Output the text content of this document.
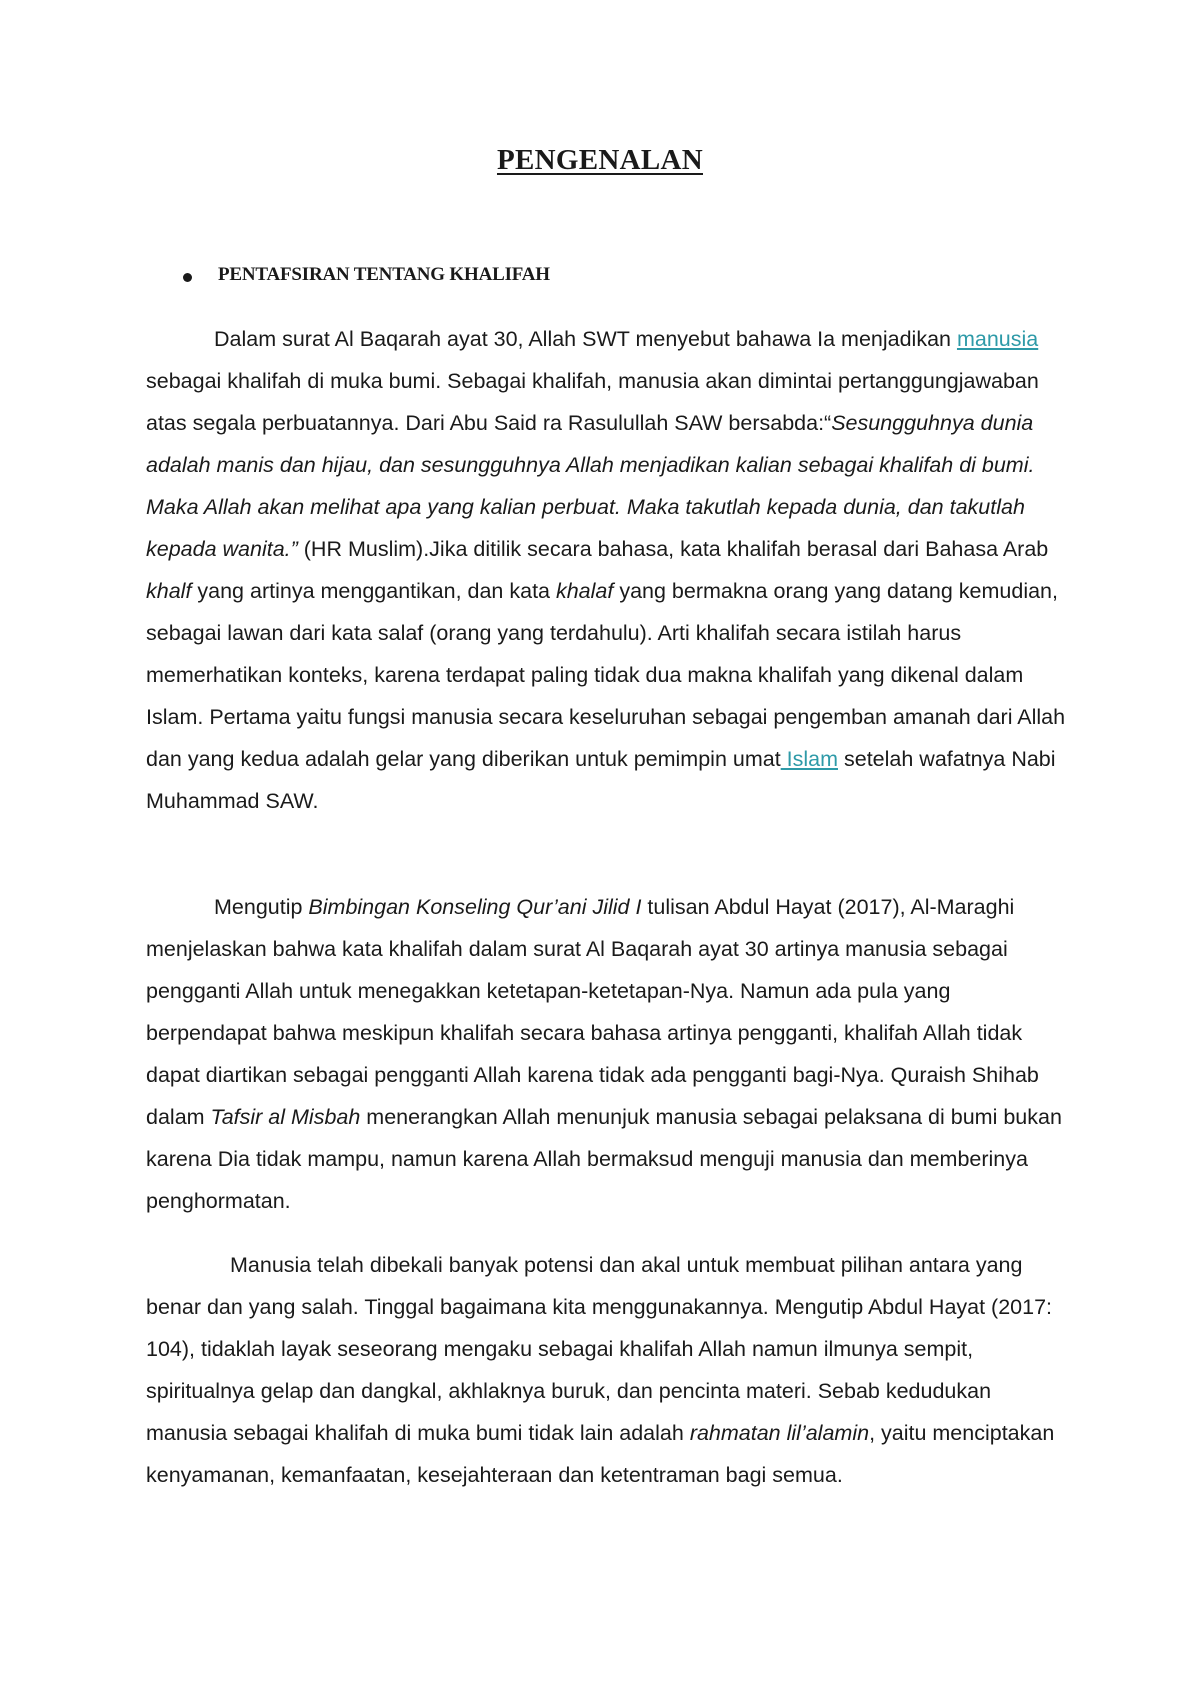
PENGENALAN
PENTAFSIRAN TENTANG KHALIFAH

Dalam surat Al Baqarah ayat 30, Allah SWT menyebut bahawa Ia menjadikan manusia sebagai khalifah di muka bumi. Sebagai khalifah, manusia akan dimintai pertanggungjawaban atas segala perbuatannya. Dari Abu Said ra Rasulullah SAW bersabda:“Sesungguhnya dunia adalah manis dan hijau, dan sesungguhnya Allah menjadikan kalian sebagai khalifah di bumi. Maka Allah akan melihat apa yang kalian perbuat. Maka takutlah kepada dunia, dan takutlah kepada wanita.” (HR Muslim).Jika ditilik secara bahasa, kata khalifah berasal dari Bahasa Arab khalf yang artinya menggantikan, dan kata khalaf yang bermakna orang yang datang kemudian, sebagai lawan dari kata salaf (orang yang terdahulu). Arti khalifah secara istilah harus memerhatikan konteks, karena terdapat paling tidak dua makna khalifah yang dikenal dalam Islam. Pertama yaitu fungsi manusia secara keseluruhan sebagai pengemban amanah dari Allah dan yang kedua adalah gelar yang diberikan untuk pemimpin umat Islam setelah wafatnya Nabi Muhammad SAW.

Mengutip Bimbingan Konseling Qur’ani Jilid I tulisan Abdul Hayat (2017), Al-Maraghi menjelaskan bahwa kata khalifah dalam surat Al Baqarah ayat 30 artinya manusia sebagai pengganti Allah untuk menegakkan ketetapan-ketetapan-Nya. Namun ada pula yang berpendapat bahwa meskipun khalifah secara bahasa artinya pengganti, khalifah Allah tidak dapat diartikan sebagai pengganti Allah karena tidak ada pengganti bagi-Nya. Quraish Shihab dalam Tafsir al Misbah menerangkan Allah menunjuk manusia sebagai pelaksana di bumi bukan karena Dia tidak mampu, namun karena Allah bermaksud menguji manusia dan memberinya penghormatan.

Manusia telah dibekali banyak potensi dan akal untuk membuat pilihan antara yang benar dan yang salah. Tinggal bagaimana kita menggunakannya. Mengutip Abdul Hayat (2017: 104), tidaklah layak seseorang mengaku sebagai khalifah Allah namun ilmunya sempit, spiritualnya gelap dan dangkal, akhlaknya buruk, dan pencinta materi. Sebab kedudukan manusia sebagai khalifah di muka bumi tidak lain adalah rahmatan lil’alamin, yaitu menciptakan kenyamanan, kemanfaatan, kesejahteraan dan ketentraman bagi semua.
